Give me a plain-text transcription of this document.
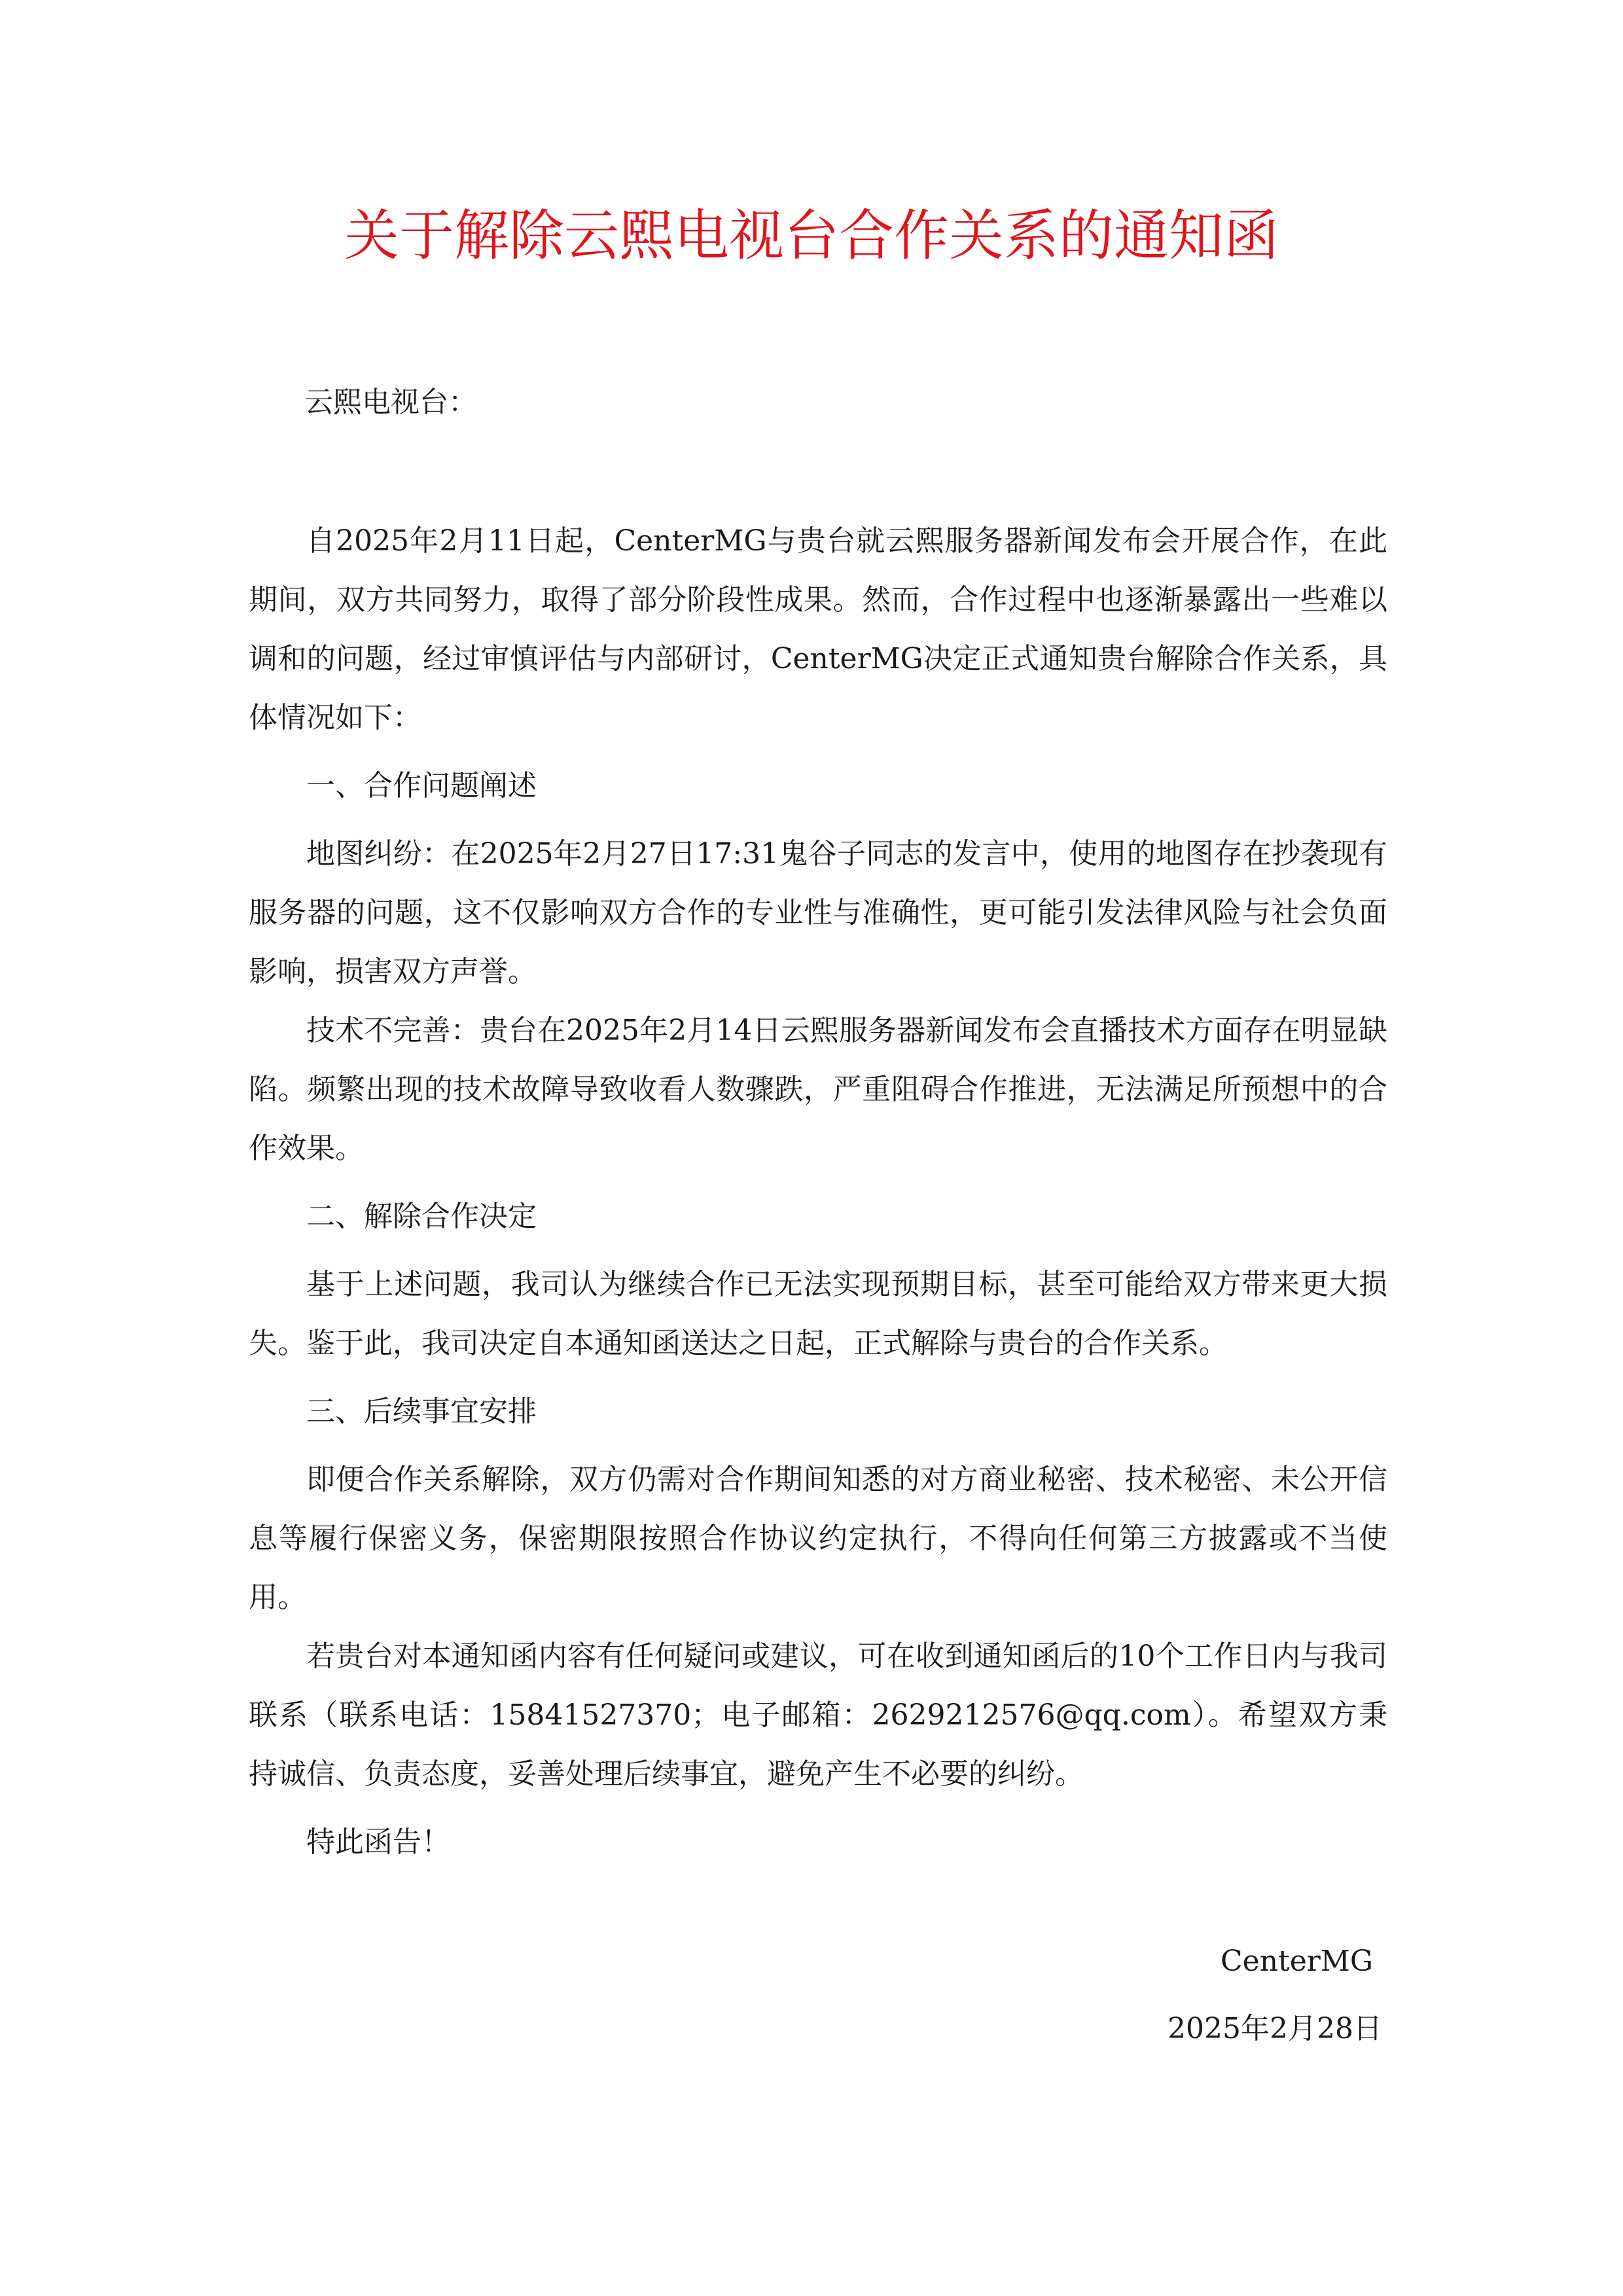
关于解除云熙电视台合作关系的通知函

云熙电视台：

自2025年2月11日起，CenterMG与贵台就云熙服务器新闻发布会开展合作，在此期间，双方共同努力，取得了部分阶段性成果。然而，合作过程中也逐渐暴露出一些难以调和的问题，经过审慎评估与内部研讨，CenterMG决定正式通知贵台解除合作关系，具体情况如下：

一、合作问题阐述

地图纠纷：在2025年2月27日17:31鬼谷子同志的发言中，使用的地图存在抄袭现有服务器的问题，这不仅影响双方合作的专业性与准确性，更可能引发法律风险与社会负面影响，损害双方声誉。

技术不完善：贵台在2025年2月14日云熙服务器新闻发布会直播技术方面存在明显缺陷。频繁出现的技术故障导致收看人数骤跌，严重阻碍合作推进，无法满足所预想中的合作效果。

二、解除合作决定

基于上述问题，我司认为继续合作已无法实现预期目标，甚至可能给双方带来更大损失。鉴于此，我司决定自本通知函送达之日起，正式解除与贵台的合作关系。

三、后续事宜安排

即便合作关系解除，双方仍需对合作期间知悉的对方商业秘密、技术秘密、未公开信息等履行保密义务，保密期限按照合作协议约定执行，不得向任何第三方披露或不当使用。

若贵台对本通知函内容有任何疑问或建议，可在收到通知函后的10个工作日内与我司联系（联系电话：15841527370；电子邮箱：2629212576@qq.com）。希望双方秉持诚信、负责态度，妥善处理后续事宜，避免产生不必要的纠纷。

特此函告！

CenterMG

2025年2月28日
